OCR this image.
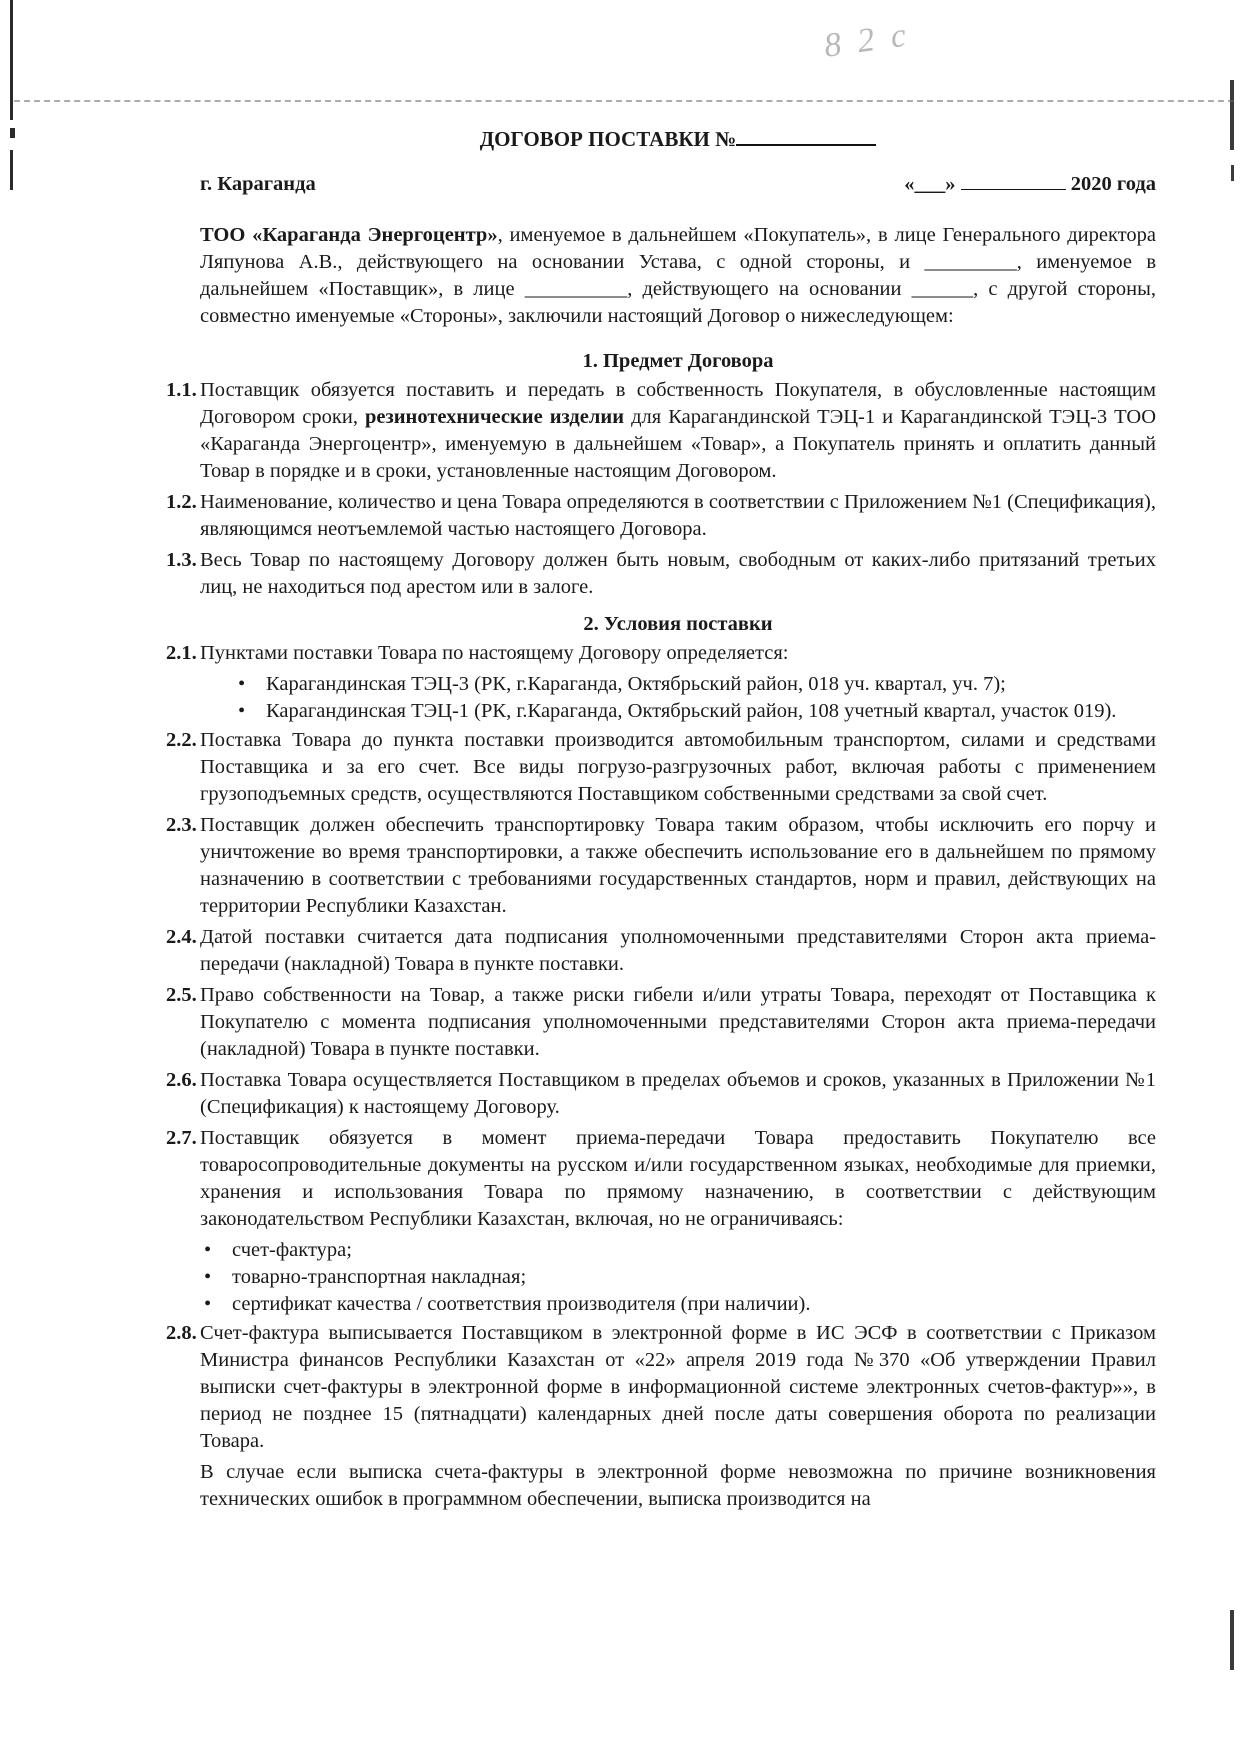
8 2 с
ДОГОВОР ПОСТАВКИ №
г. Караганда	«___»	2020 года

ТОО «Караганда Энергоцентр», именуемое в дальнейшем «Покупатель», в лице Генерального директора Ляпунова А.В., действующего на основании Устава, с одной стороны, и _________, именуемое в дальнейшем «Поставщик», в лице __________, действующего на основании ______, с другой стороны, совместно именуемые «Стороны», заключили настоящий Договор о нижеследующем:

1. Предмет Договора
1.1. Поставщик обязуется поставить и передать в собственность Покупателя, в обусловленные настоящим Договором сроки, резинотехнические изделии для Карагандинской ТЭЦ-1 и Карагандинской ТЭЦ-3 ТОО «Караганда Энергоцентр», именуемую в дальнейшем «Товар», а Покупатель принять и оплатить данный Товар в порядке и в сроки, установленные настоящим Договором.
1.2. Наименование, количество и цена Товара определяются в соответствии с Приложением №1 (Спецификация), являющимся неотъемлемой частью настоящего Договора.
1.3. Весь Товар по настоящему Договору должен быть новым, свободным от каких-либо притязаний третьих лиц, не находиться под арестом или в залоге.
2. Условия поставки
2.1. Пунктами поставки Товара по настоящему Договору определяется:
• Карагандинская ТЭЦ-3 (РК, г.Караганда, Октябрьский район, 018 уч. квартал, уч. 7);
• Карагандинская ТЭЦ-1 (РК, г.Караганда, Октябрьский район, 108 учетный квартал, участок 019).
2.2. Поставка Товара до пункта поставки производится автомобильным транспортом, силами и средствами Поставщика и за его счет. Все виды погрузо-разгрузочных работ, включая работы с применением грузоподъемных средств, осуществляются Поставщиком собственными средствами за свой счет.
2.3. Поставщик должен обеспечить транспортировку Товара таким образом, чтобы исключить его порчу и уничтожение во время транспортировки, а также обеспечить использование его в дальнейшем по прямому назначению в соответствии с требованиями государственных стандартов, норм и правил, действующих на территории Республики Казахстан.
2.4. Датой поставки считается дата подписания уполномоченными представителями Сторон акта приема-передачи (накладной) Товара в пункте поставки.
2.5. Право собственности на Товар, а также риски гибели и/или утраты Товара, переходят от Поставщика к Покупателю с момента подписания уполномоченными представителями Сторон акта приема-передачи (накладной) Товара в пункте поставки.
2.6. Поставка Товара осуществляется Поставщиком в пределах объемов и сроков, указанных в Приложении №1 (Спецификация) к настоящему Договору.
2.7. Поставщик обязуется в момент приема-передачи Товара предоставить Покупателю все товаросопроводительные документы на русском и/или государственном языках, необходимые для приемки, хранения и использования Товара по прямому назначению, в соответствии с действующим законодательством Республики Казахстан, включая, но не ограничиваясь:
• счет-фактура;
• товарно-транспортная накладная;
• сертификат качества / соответствия производителя (при наличии).
2.8. Счет-фактура выписывается Поставщиком в электронной форме в ИС ЭСФ в соответствии с Приказом Министра финансов Республики Казахстан от «22» апреля 2019 года №370 «Об утверждении Правил выписки счет-фактуры в электронной форме в информационной системе электронных счетов-фактур»», в период не позднее 15 (пятнадцати) календарных дней после даты совершения оборота по реализации Товара.
В случае если выписка счета-фактуры в электронной форме невозможна по причине возникновения технических ошибок в программном обеспечении, выписка производится на
